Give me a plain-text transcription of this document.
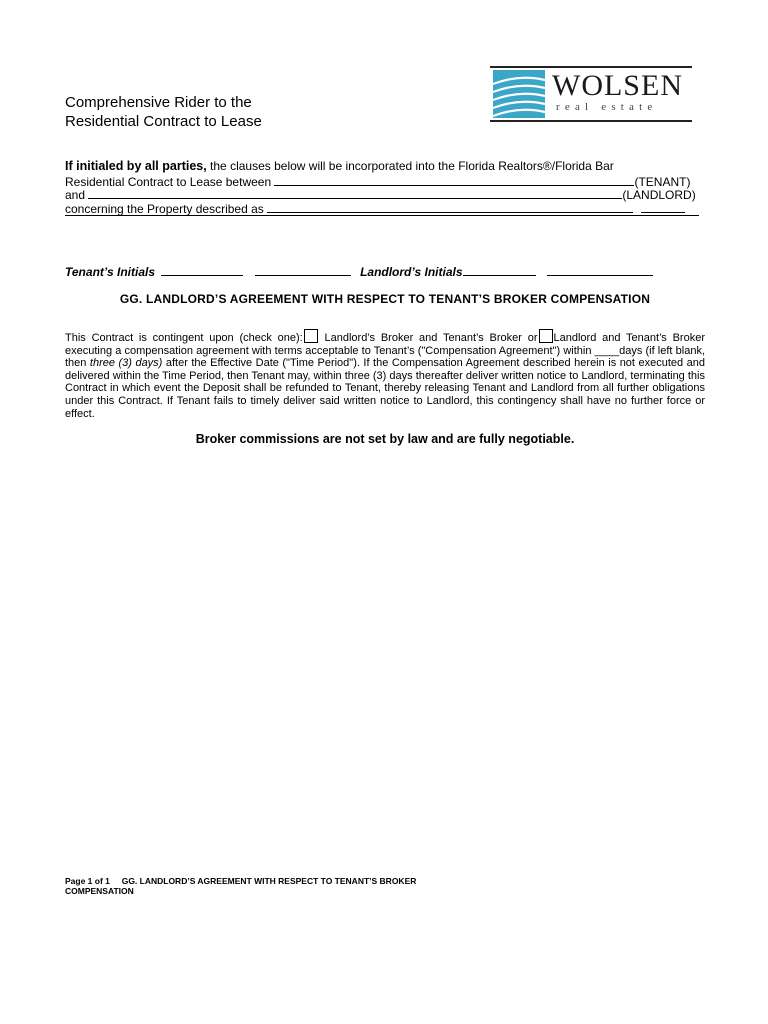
Comprehensive Rider to the
Residential Contract to Lease
WOLSEN
real estate
If initialed by all parties, the clauses below will be incorporated into the Florida Realtors®/Florida Bar
Residential Contract to Lease between	(TENANT)
and	(LANDLORD)
concerning the Property described as
Tenant’s Initials	Landlord’s Initials
GG. LANDLORD’S AGREEMENT WITH RESPECT TO TENANT’S BROKER COMPENSATION
This Contract is contingent upon (check one): Landlord’s Broker and Tenant’s Broker or Landlord and Tenant’s Broker executing a compensation agreement with terms acceptable to Tenant’s ("Compensation Agreement") within ____days (if left blank, then three (3) days) after the Effective Date ("Time Period"). If the Compensation Agreement described herein is not executed and delivered within the Time Period, then Tenant may, within three (3) days thereafter deliver written notice to Landlord, terminating this Contract in which event the Deposit shall be refunded to Tenant, thereby releasing Tenant and Landlord from all further obligations under this Contract. If Tenant fails to timely deliver said written notice to Landlord, this contingency shall have no further force or effect.
Broker commissions are not set by law and are fully negotiable.
Page 1 of 1 GG. LANDLORD’S AGREEMENT WITH RESPECT TO TENANT’S BROKER
COMPENSATION
